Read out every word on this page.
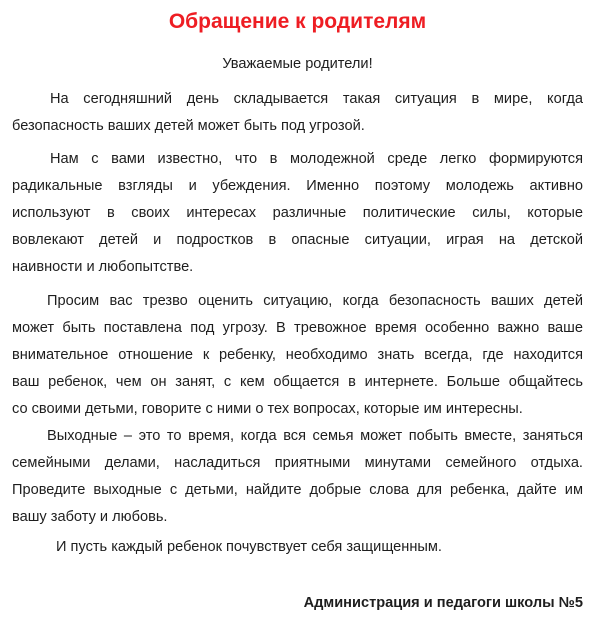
Обращение к родителям
Уважаемые родители!
На сегодняшний день складывается такая ситуация в мире, когда
безопасность ваших детей может быть под угрозой.
Нам с вами известно, что в молодежной среде легко формируются
радикальные взгляды и убеждения. Именно поэтому молодежь активно
используют в своих интересах различные политические силы, которые
вовлекают детей и подростков в опасные ситуации, играя на детской
наивности и любопытстве.
Просим вас трезво оценить ситуацию, когда безопасность ваших детей
может быть поставлена под угрозу. В тревожное время особенно важно ваше
внимательное отношение к ребенку, необходимо знать всегда, где находится
ваш ребенок, чем он занят, с кем общается в интернете. Больше общайтесь
со своими детьми, говорите с ними о тех вопросах, которые им интересны.
Выходные – это то время, когда вся семья может побыть вместе, заняться
семейными делами, насладиться приятными минутами семейного отдыха.
Проведите выходные с детьми, найдите добрые слова для ребенка, дайте им
вашу заботу и любовь.
И пусть каждый ребенок почувствует себя защищенным.
Администрация и педагоги школы №5
